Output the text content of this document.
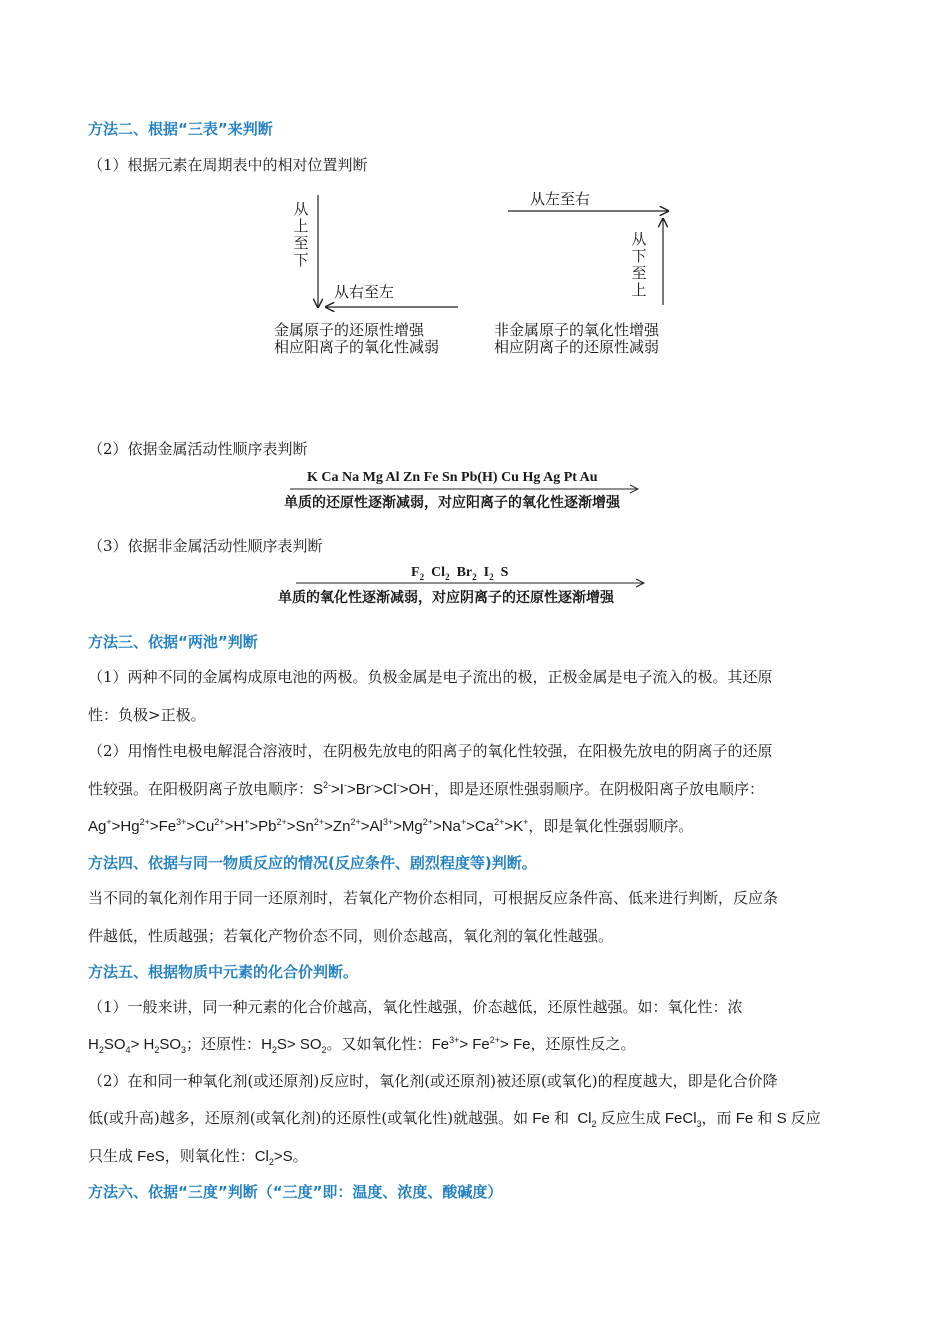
方法二、根据“三表”来判断
（1）根据元素在周期表中的相对位置判断
从
上
至
下
从右至左
金属原子的还原性增强
相应阳离子的氧化性减弱
从左至右
从
下
至
上
非金属原子的氧化性增强
相应阴离子的还原性减弱
（2）依据金属活动性顺序表判断
K Ca Na Mg Al Zn Fe Sn Pb(H) Cu Hg Ag Pt Au
单质的还原性逐渐减弱，对应阳离子的氧化性逐渐增强
（3）依据非金属活动性顺序表判断
$F_2$  $Cl_2$  $Br_2$  $I_2$  S
单质的氧化性逐渐减弱，对应阴离子的还原性逐渐增强
方法三、依据“两池”判断
（1）两种不同的金属构成原电池的两极。负极金属是电子流出的极，正极金属是电子流入的极。其还原
性：负极>正极。
（2）用惰性电极电解混合溶液时，在阴极先放电的阳离子的氧化性较强，在阳极先放电的阴离子的还原
性较强。在阳极阴离子放电顺序：$S^{2-}>I^->Br^->Cl^->OH^-$，即是还原性强弱顺序。在阴极阳离子放电顺序：
$Ag^+>Hg^{2+}>Fe^{3+}>Cu^{2+}>H^+>Pb^{2+}>Sn^{2+}>Zn^{2+}>Al^{3+}>Mg^{2+}>Na^+>Ca^{2+}>K^+$，即是氧化性强弱顺序。
方法四、依据与同一物质反应的情况(反应条件、剧烈程度等)判断。
当不同的氧化剂作用于同一还原剂时，若氧化产物价态相同，可根据反应条件高、低来进行判断，反应条
件越低，性质越强；若氧化产物价态不同，则价态越高，氧化剂的氧化性越强。
方法五、根据物质中元素的化合价判断。
（1）一般来讲，同一种元素的化合价越高，氧化性越强，价态越低，还原性越强。如：氧化性：浓
$H_2SO_4> H_2SO_3$；还原性：$H_2S> SO_2$。又如氧化性：$Fe^{3+}> Fe^{2+}> Fe$，还原性反之。
（2）在和同一种氧化剂(或还原剂)反应时，氧化剂(或还原剂)被还原(或氧化)的程度越大，即是化合价降
低(或升高)越多，还原剂(或氧化剂)的还原性(或氧化性)就越强。如 Fe 和  $Cl_2$ 反应生成 FeCl$_3$，而 Fe 和 S 反应
只生成 FeS，则氧化性：$Cl_2>S$。
方法六、依据“三度”判断（“三度”即：温度、浓度、酸碱度）
